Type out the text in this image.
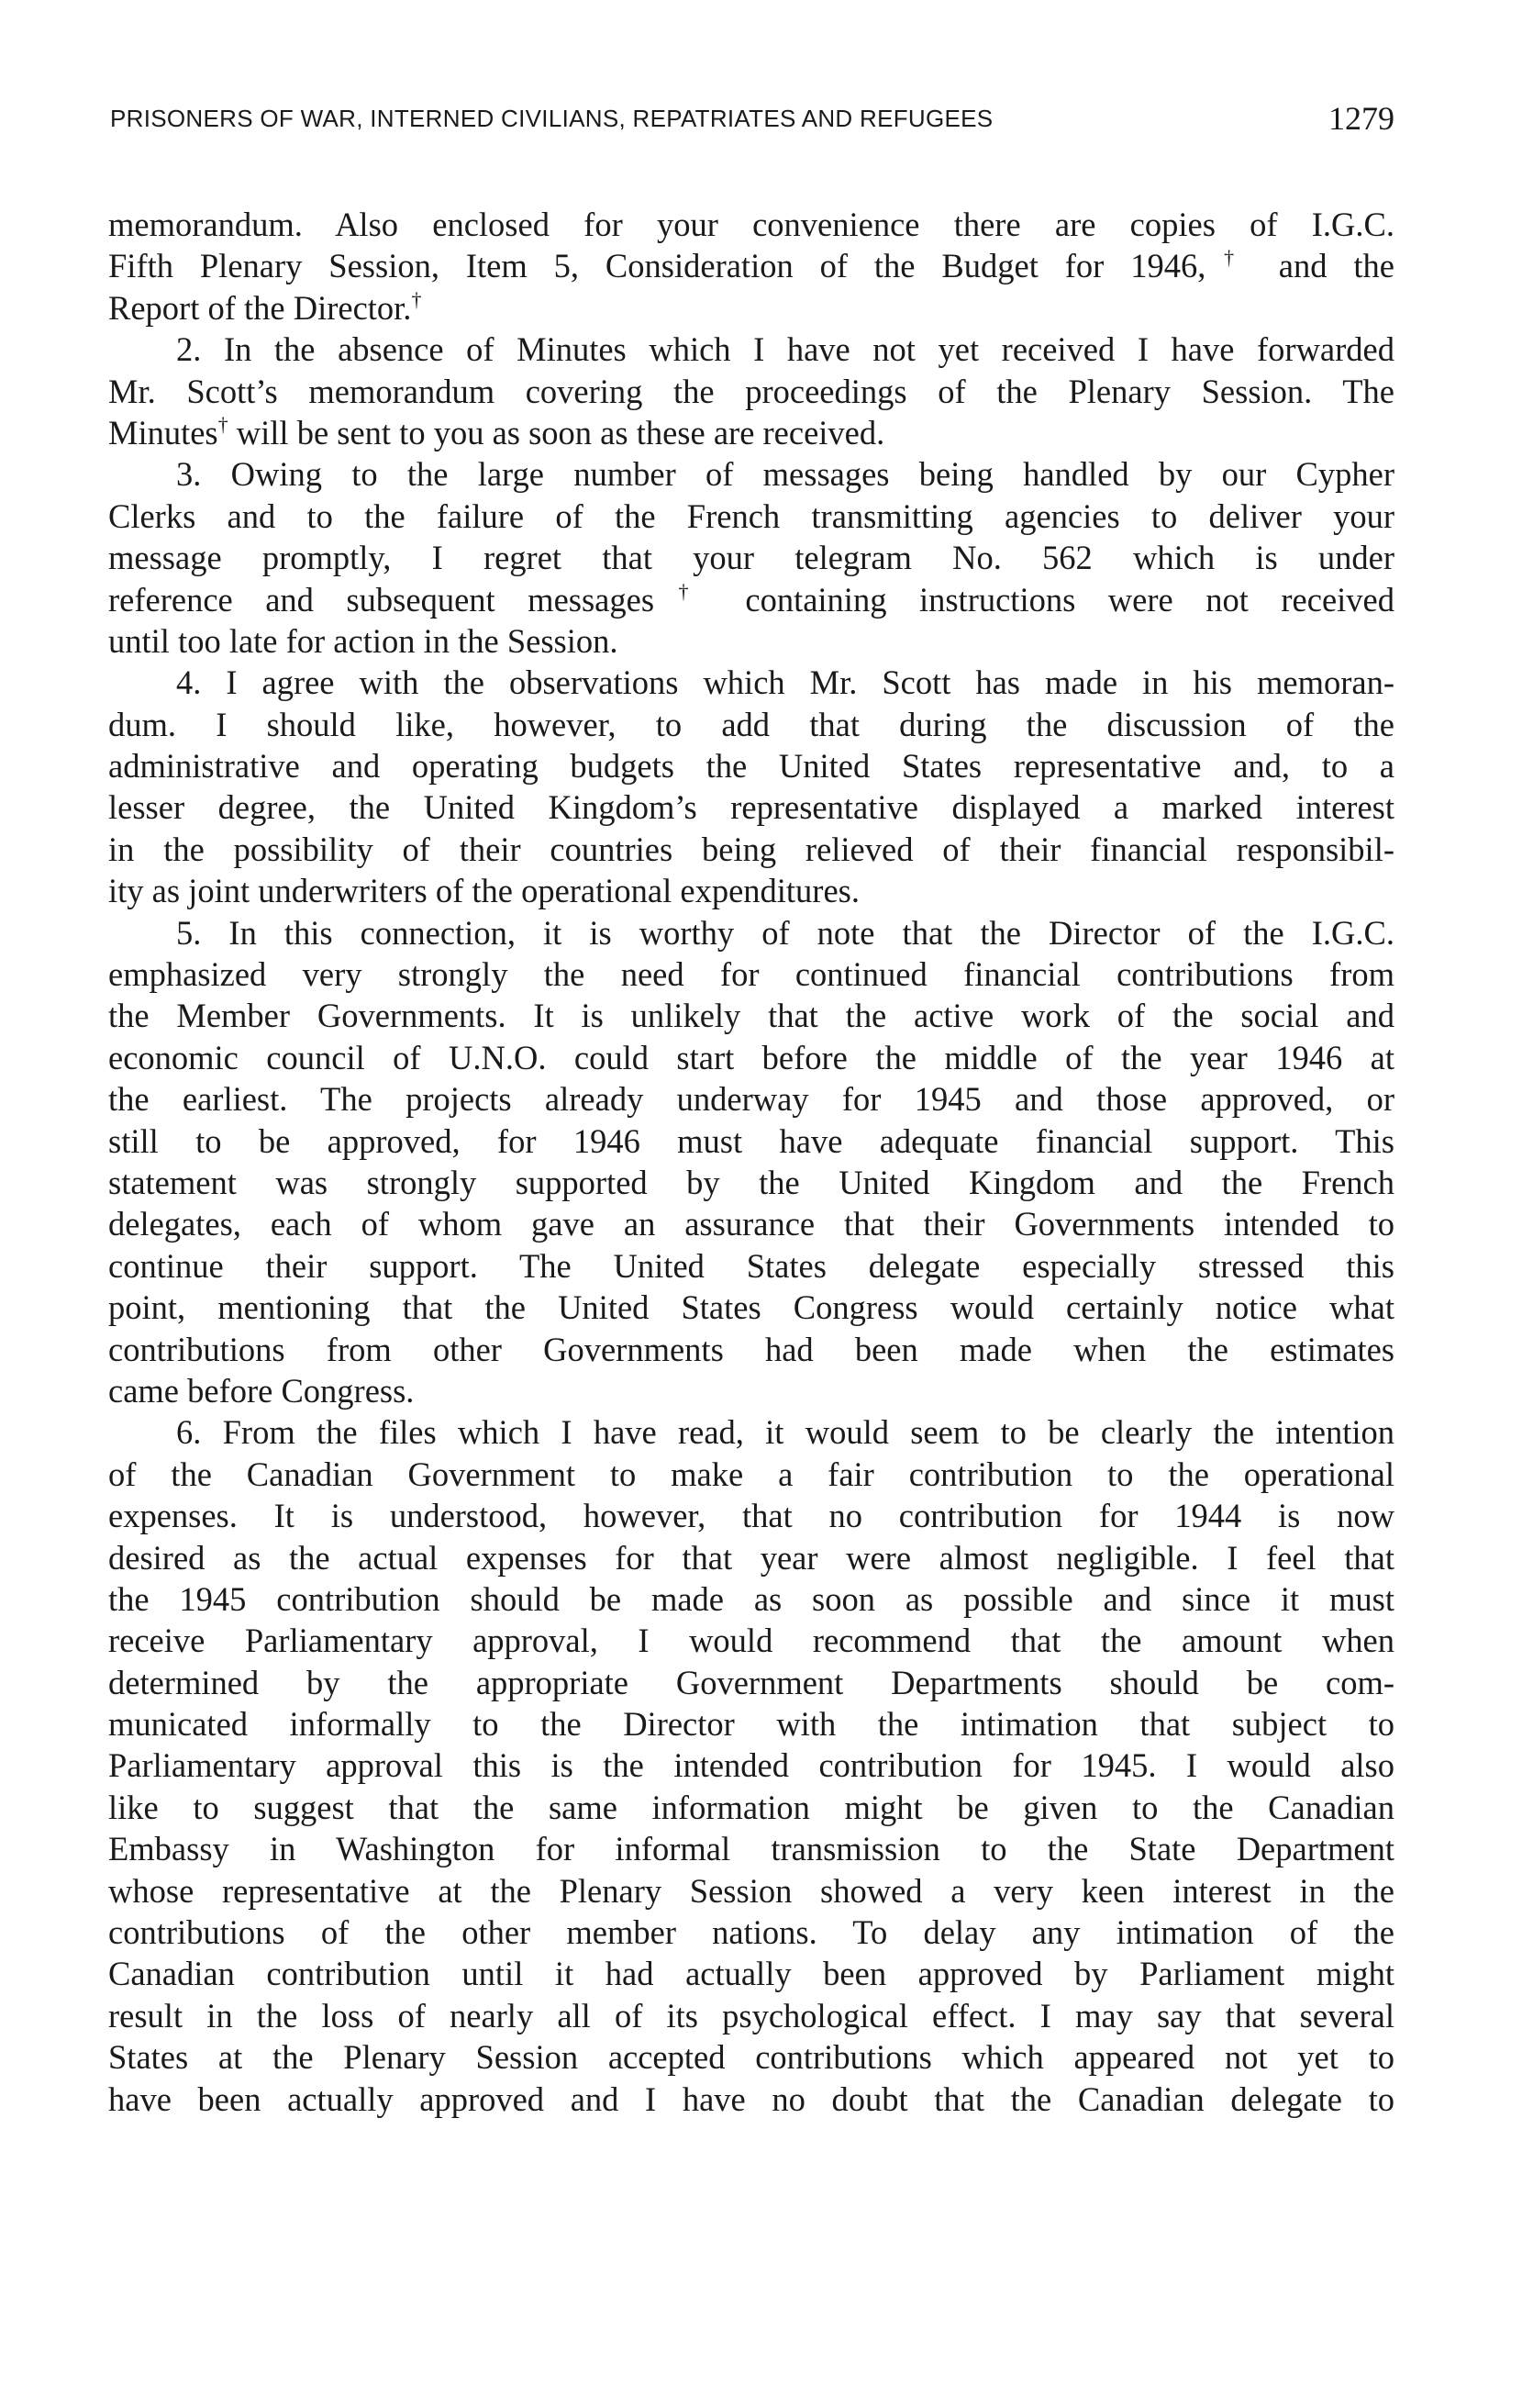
PRISONERS OF WAR, INTERNED CIVILIANS, REPATRIATES AND REFUGEES	1279
memorandum. Also enclosed for your convenience there are copies of I.G.C.
Fifth Plenary Session, Item 5, Consideration of the Budget for 1946,† and the
Report of the Director.†
2. In the absence of Minutes which I have not yet received I have forwarded
Mr. Scott’s memorandum covering the proceedings of the Plenary Session. The
Minutes† will be sent to you as soon as these are received.
3. Owing to the large number of messages being handled by our Cypher
Clerks and to the failure of the French transmitting agencies to deliver your
message promptly, I regret that your telegram No. 562 which is under
reference and subsequent messages† containing instructions were not received
until too late for action in the Session.
4. I agree with the observations which Mr. Scott has made in his memoran-
dum. I should like, however, to add that during the discussion of the
administrative and operating budgets the United States representative and, to a
lesser degree, the United Kingdom’s representative displayed a marked interest
in the possibility of their countries being relieved of their financial responsibil-
ity as joint underwriters of the operational expenditures.
5. In this connection, it is worthy of note that the Director of the I.G.C.
emphasized very strongly the need for continued financial contributions from
the Member Governments. It is unlikely that the active work of the social and
economic council of U.N.O. could start before the middle of the year 1946 at
the earliest. The projects already underway for 1945 and those approved, or
still to be approved, for 1946 must have adequate financial support. This
statement was strongly supported by the United Kingdom and the French
delegates, each of whom gave an assurance that their Governments intended to
continue their support. The United States delegate especially stressed this
point, mentioning that the United States Congress would certainly notice what
contributions from other Governments had been made when the estimates
came before Congress.
6. From the files which I have read, it would seem to be clearly the intention
of the Canadian Government to make a fair contribution to the operational
expenses. It is understood, however, that no contribution for 1944 is now
desired as the actual expenses for that year were almost negligible. I feel that
the 1945 contribution should be made as soon as possible and since it must
receive Parliamentary approval, I would recommend that the amount when
determined by the appropriate Government Departments should be com-
municated informally to the Director with the intimation that subject to
Parliamentary approval this is the intended contribution for 1945. I would also
like to suggest that the same information might be given to the Canadian
Embassy in Washington for informal transmission to the State Department
whose representative at the Plenary Session showed a very keen interest in the
contributions of the other member nations. To delay any intimation of the
Canadian contribution until it had actually been approved by Parliament might
result in the loss of nearly all of its psychological effect. I may say that several
States at the Plenary Session accepted contributions which appeared not yet to
have been actually approved and I have no doubt that the Canadian delegate to
